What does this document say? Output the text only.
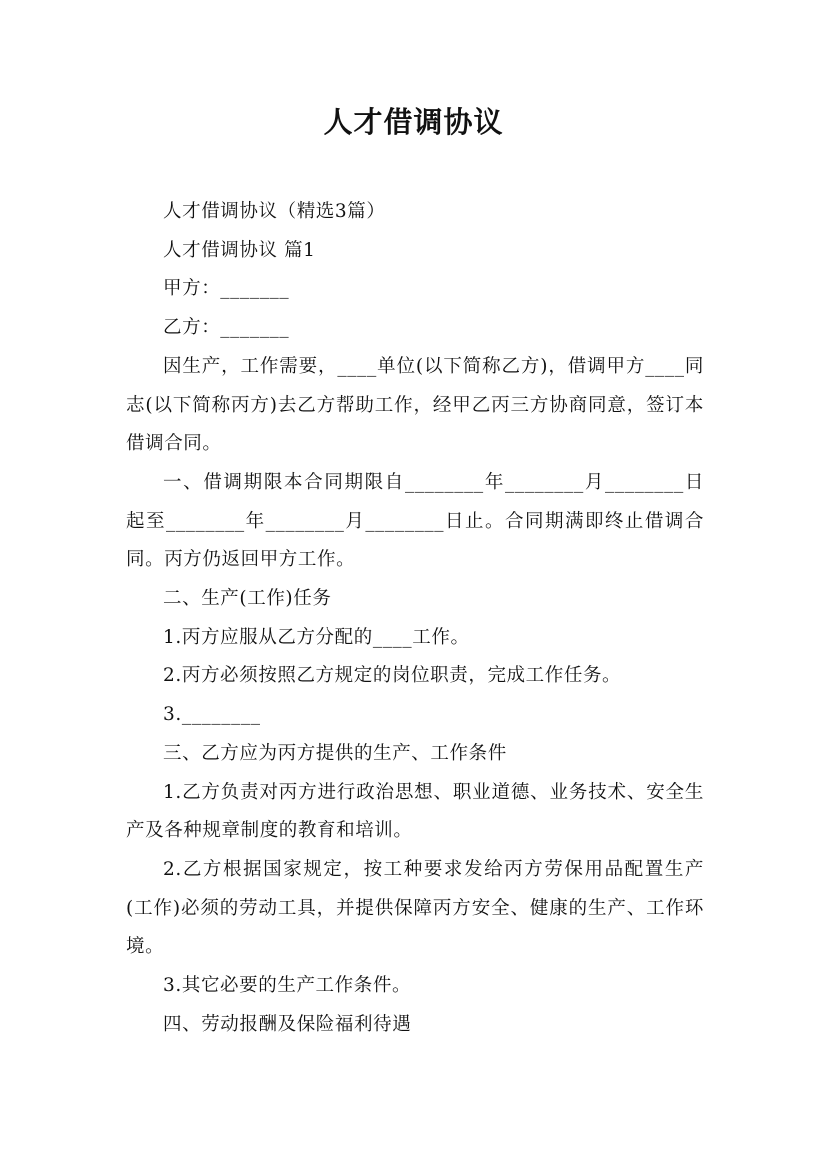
人才借调协议

人才借调协议（精选3篇）

人才借调协议 篇1

甲方：_______

乙方：_______

因生产，工作需要，____单位(以下简称乙方)，借调甲方____同志(以下简称丙方)去乙方帮助工作，经甲乙丙三方协商同意，签订本借调合同。

一、借调期限本合同期限自________年________月________日起至________年________月________日止。合同期满即终止借调合同。丙方仍返回甲方工作。

二、生产(工作)任务

1.丙方应服从乙方分配的____工作。

2.丙方必须按照乙方规定的岗位职责，完成工作任务。

3.________

三、乙方应为丙方提供的生产、工作条件

1.乙方负责对丙方进行政治思想、职业道德、业务技术、安全生产及各种规章制度的教育和培训。

2.乙方根据国家规定，按工种要求发给丙方劳保用品配置生产(工作)必须的劳动工具，并提供保障丙方安全、健康的生产、工作环境。

3.其它必要的生产工作条件。

四、劳动报酬及保险福利待遇
